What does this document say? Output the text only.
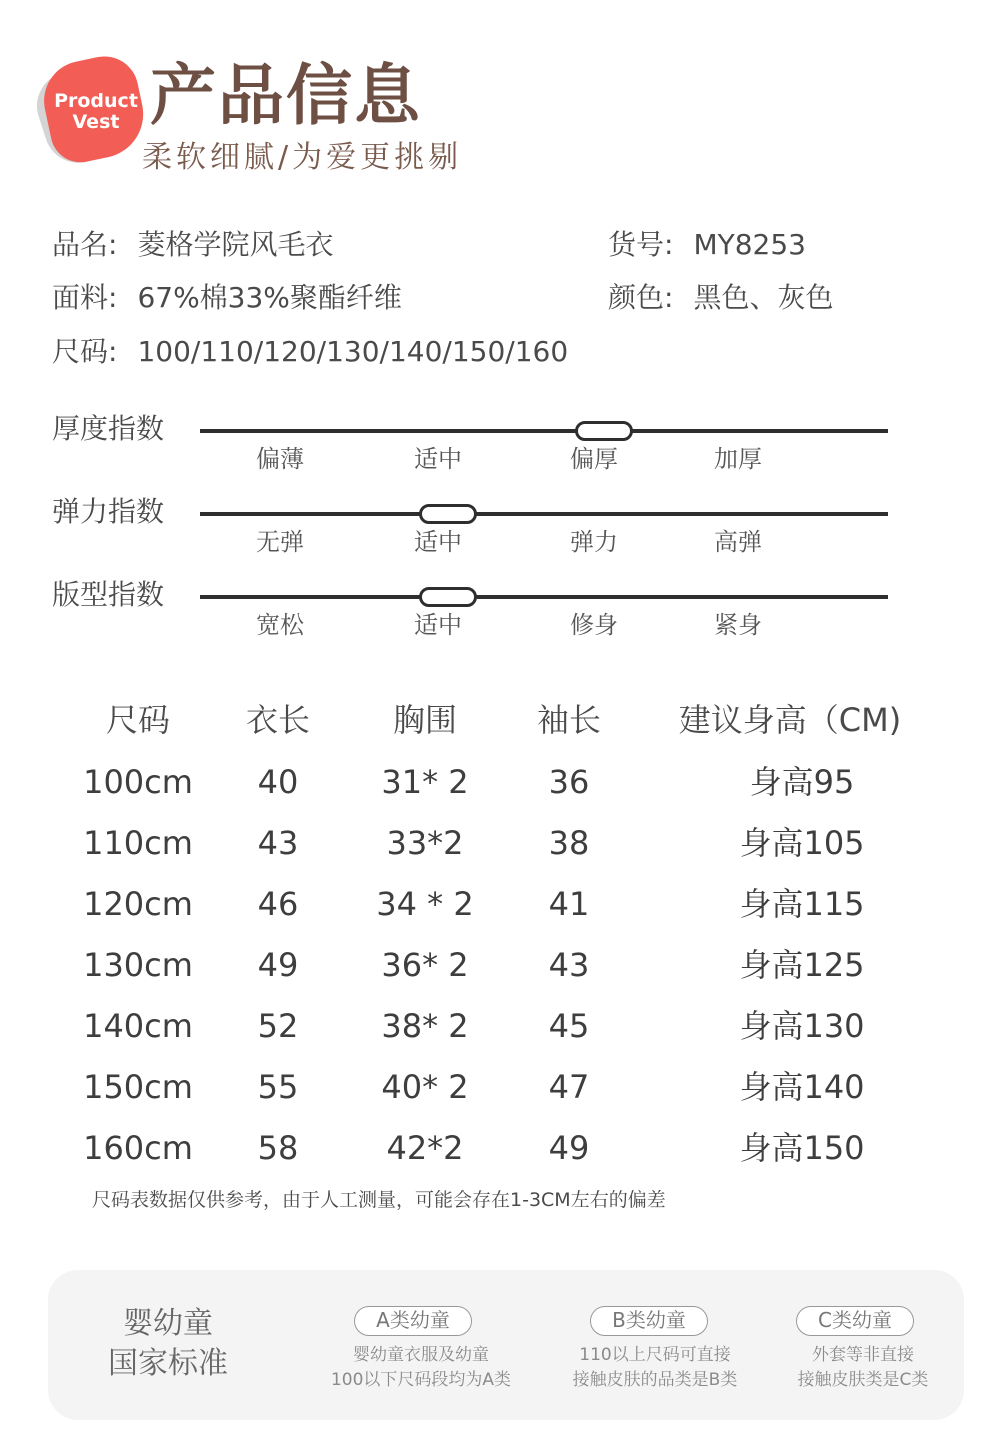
Product
Vest 产品信息
柔软细腻/为爱更挑剔
品名: 菱格学院风毛衣	货号: MY8253
面料: 67%棉33%聚酯纤维	颜色: 黑色、灰色
尺码: 100/110/120/130/140/150/160
厚度指数
偏薄	适中	偏厚	加厚
弹力指数
无弹	适中	弹力	高弹
版型指数
宽松	适中	修身	紧身
尺码	衣长	胸围	袖长	建议身高（CM)
100cm	40	31* 2	36	身高95
110cm	43	33*2	38	身高105
120cm	46	34 * 2	41	身高115
130cm	49	36* 2	43	身高125
140cm	52	38* 2	45	身高130
150cm	55	40* 2	47	身高140
160cm	58	42*2	49	身高150
尺码表数据仅供参考，由于人工测量，可能会存在1-3CM左右的偏差
婴幼童
国家标准
A类幼童
婴幼童衣服及幼童
100以下尺码段均为A类
B类幼童
110以上尺码可直接
接触皮肤的品类是B类
C类幼童
外套等非直接
接触皮肤类是C类
